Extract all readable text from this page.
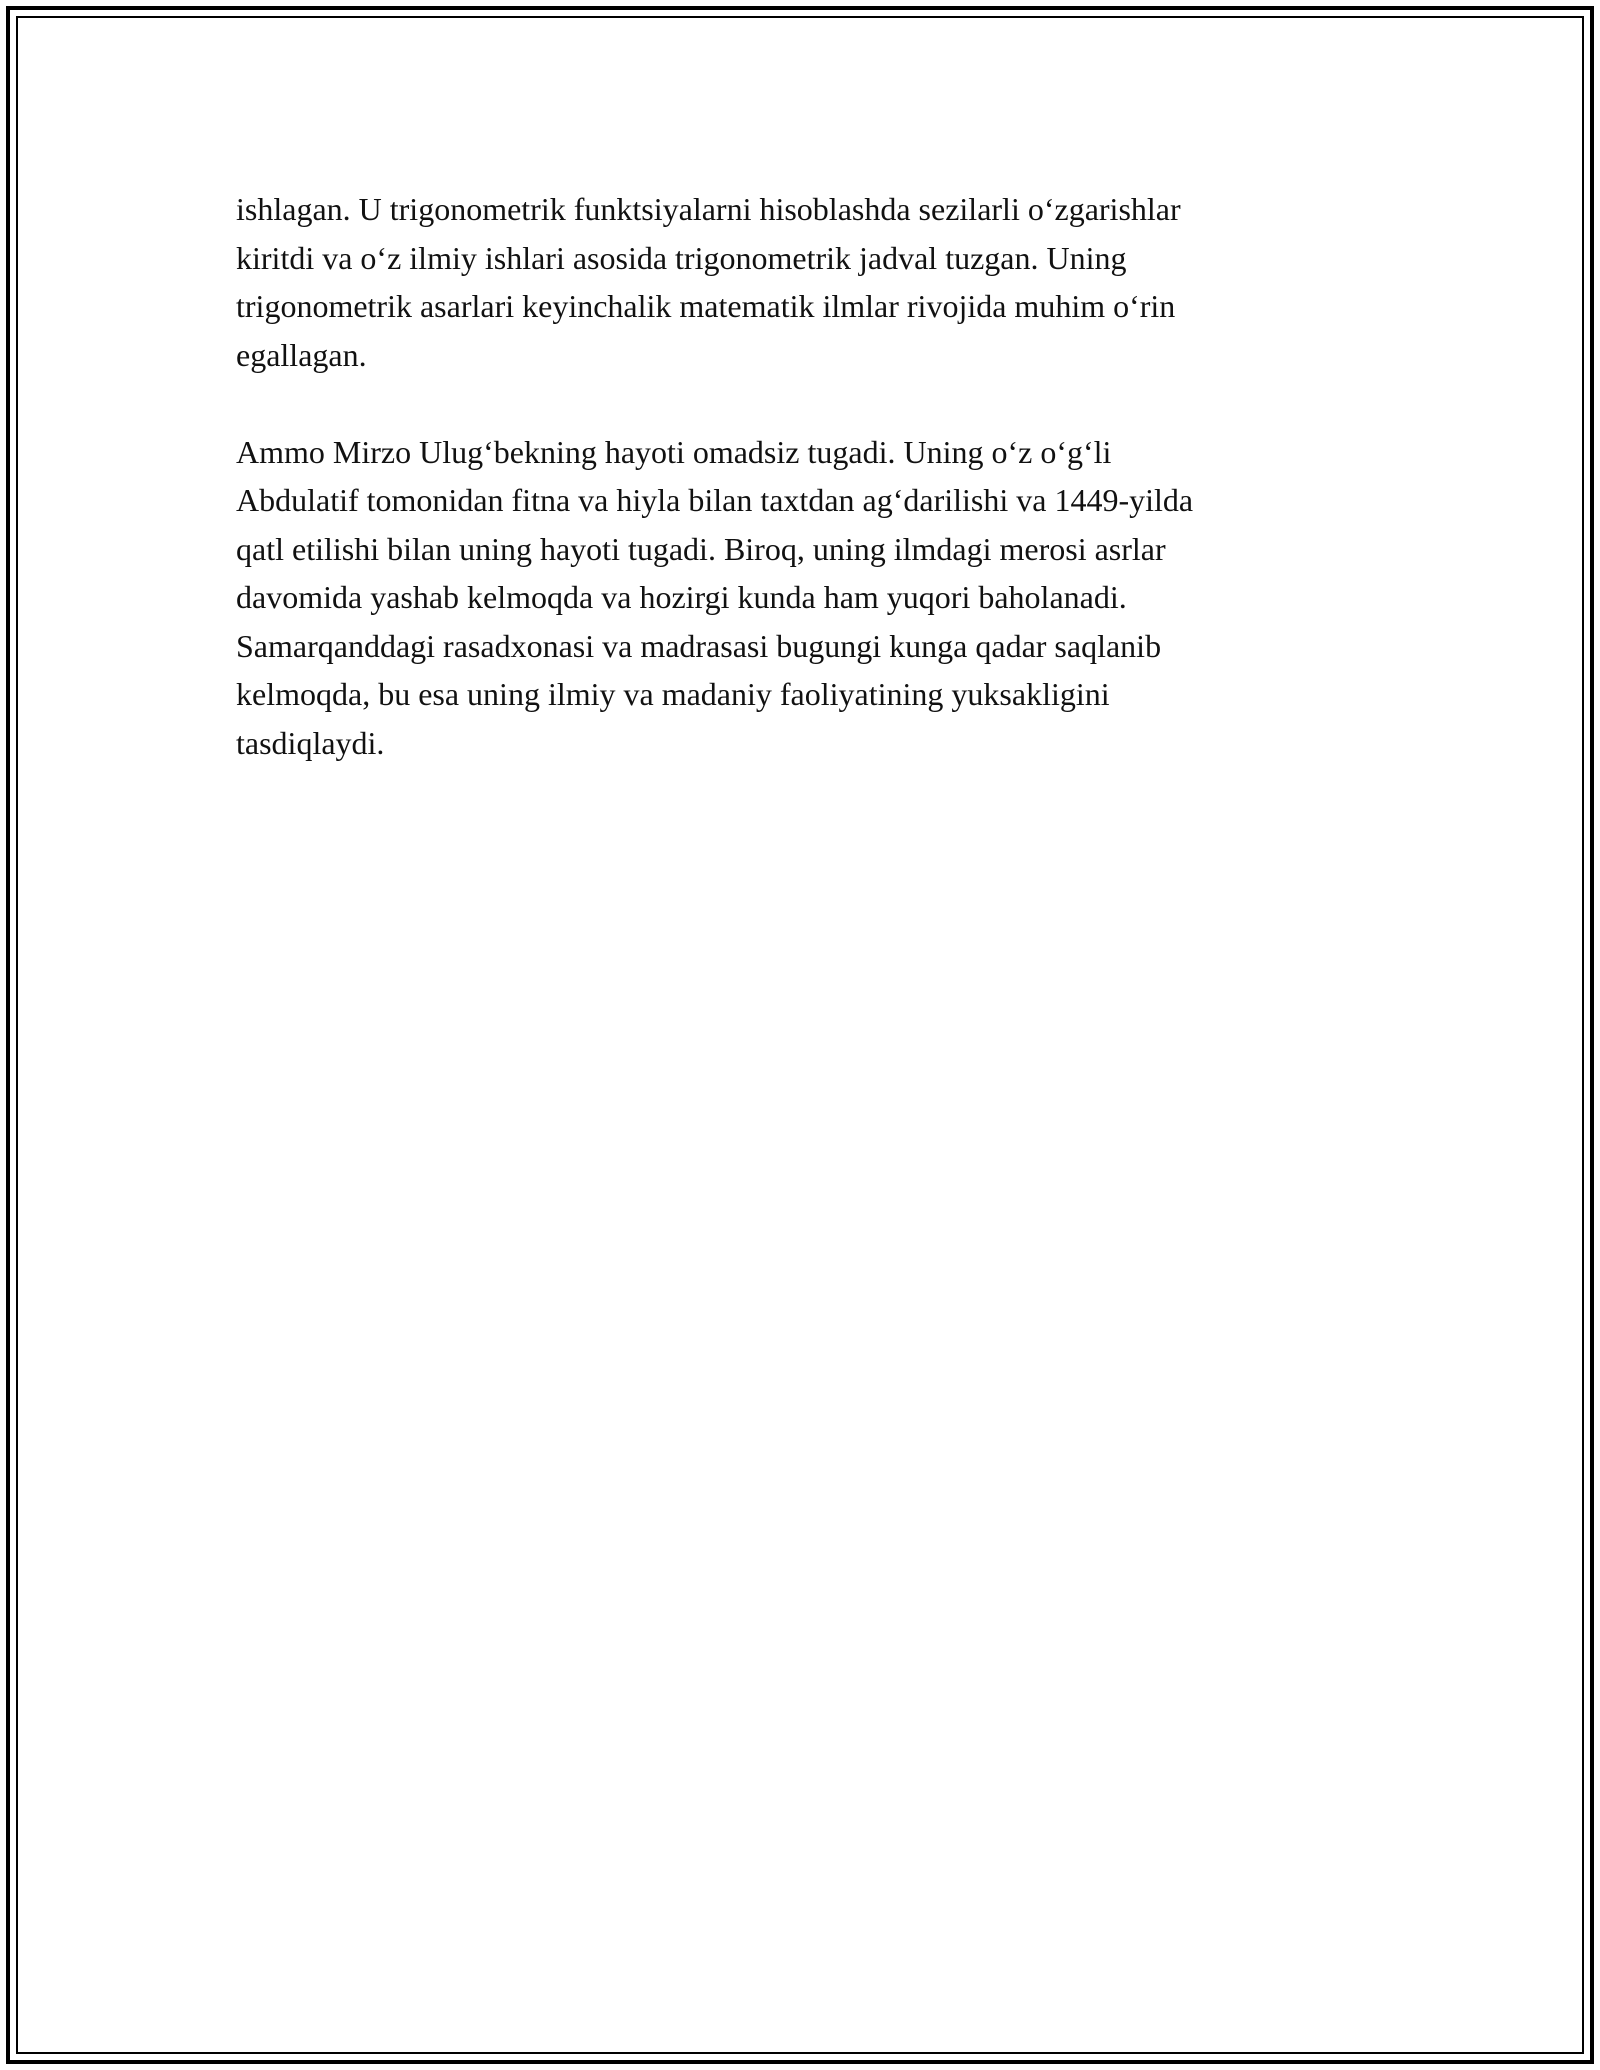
ishlagan. U trigonometrik funktsiyalarni hisoblashda sezilarli o‘zgarishlar
kiritdi va o‘z ilmiy ishlari asosida trigonometrik jadval tuzgan. Uning
trigonometrik asarlari keyinchalik matematik ilmlar rivojida muhim o‘rin
egallagan.

Ammo Mirzo Ulug‘bekning hayoti omadsiz tugadi. Uning o‘z o‘g‘li
Abdulatif tomonidan fitna va hiyla bilan taxtdan ag‘darilishi va 1449-yilda
qatl etilishi bilan uning hayoti tugadi. Biroq, uning ilmdagi merosi asrlar
davomida yashab kelmoqda va hozirgi kunda ham yuqori baholanadi.
Samarqanddagi rasadxonasi va madrasasi bugungi kunga qadar saqlanib
kelmoqda, bu esa uning ilmiy va madaniy faoliyatining yuksakligini
tasdiqlaydi.
